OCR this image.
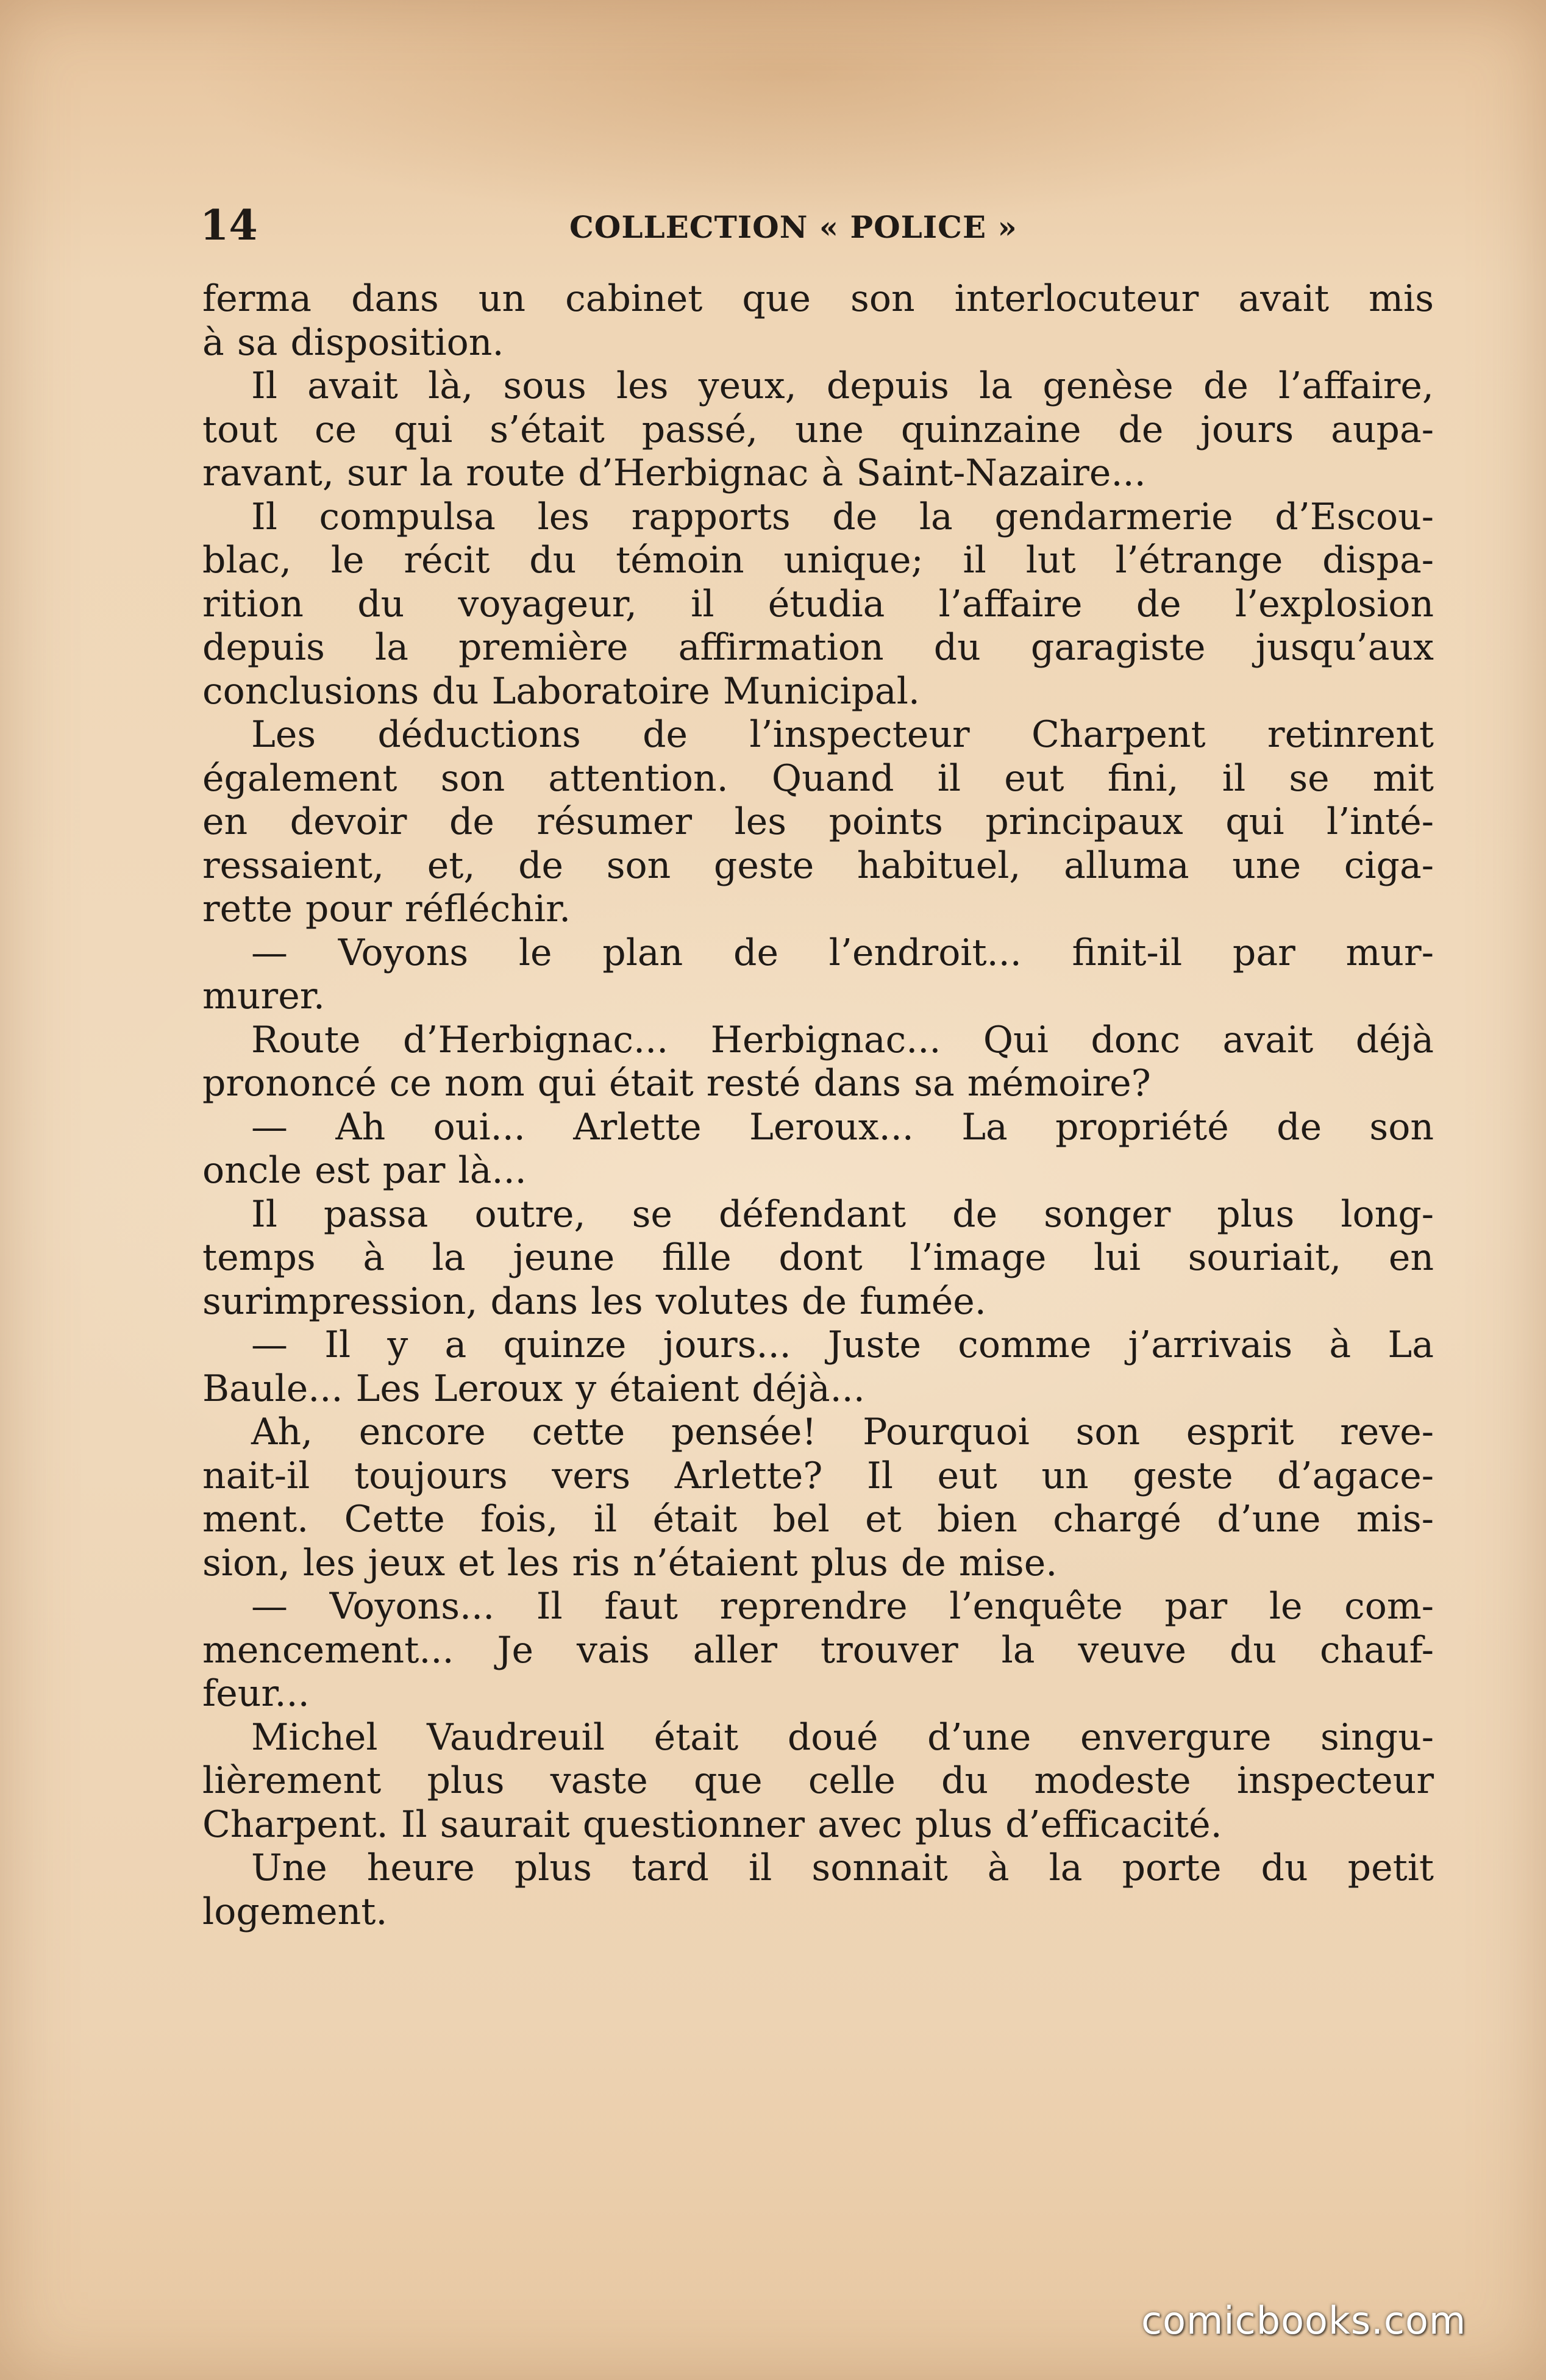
14	COLLECTION « POLICE »
ferma dans un cabinet que son interlocuteur avait mis
à sa disposition.
Il avait là, sous les yeux, depuis la genèse de l’affaire,
tout ce qui s’était passé, une quinzaine de jours aupa-
ravant, sur la route d’Herbignac à Saint-Nazaire...
Il compulsa les rapports de la gendarmerie d’Escou-
blac, le récit du témoin unique; il lut l’étrange dispa-
rition du voyageur, il étudia l’affaire de l’explosion
depuis la première affirmation du garagiste jusqu’aux
conclusions du Laboratoire Municipal.
Les déductions de l’inspecteur Charpent retinrent
également son attention. Quand il eut fini, il se mit
en devoir de résumer les points principaux qui l’inté-
ressaient, et, de son geste habituel, alluma une ciga-
rette pour réfléchir.
— Voyons le plan de l’endroit... finit-il par mur-
murer.
Route d’Herbignac... Herbignac... Qui donc avait déjà
prononcé ce nom qui était resté dans sa mémoire?
— Ah oui... Arlette Leroux... La propriété de son
oncle est par là...
Il passa outre, se défendant de songer plus long-
temps à la jeune fille dont l’image lui souriait, en
surimpression, dans les volutes de fumée.
— Il y a quinze jours... Juste comme j’arrivais à La
Baule... Les Leroux y étaient déjà...
Ah, encore cette pensée! Pourquoi son esprit reve-
nait-il toujours vers Arlette? Il eut un geste d’agace-
ment. Cette fois, il était bel et bien chargé d’une mis-
sion, les jeux et les ris n’étaient plus de mise.
— Voyons... Il faut reprendre l’enquête par le com-
mencement... Je vais aller trouver la veuve du chauf-
feur...
Michel Vaudreuil était doué d’une envergure singu-
lièrement plus vaste que celle du modeste inspecteur
Charpent. Il saurait questionner avec plus d’efficacité.
Une heure plus tard il sonnait à la porte du petit
logement.
comicbooks.com
